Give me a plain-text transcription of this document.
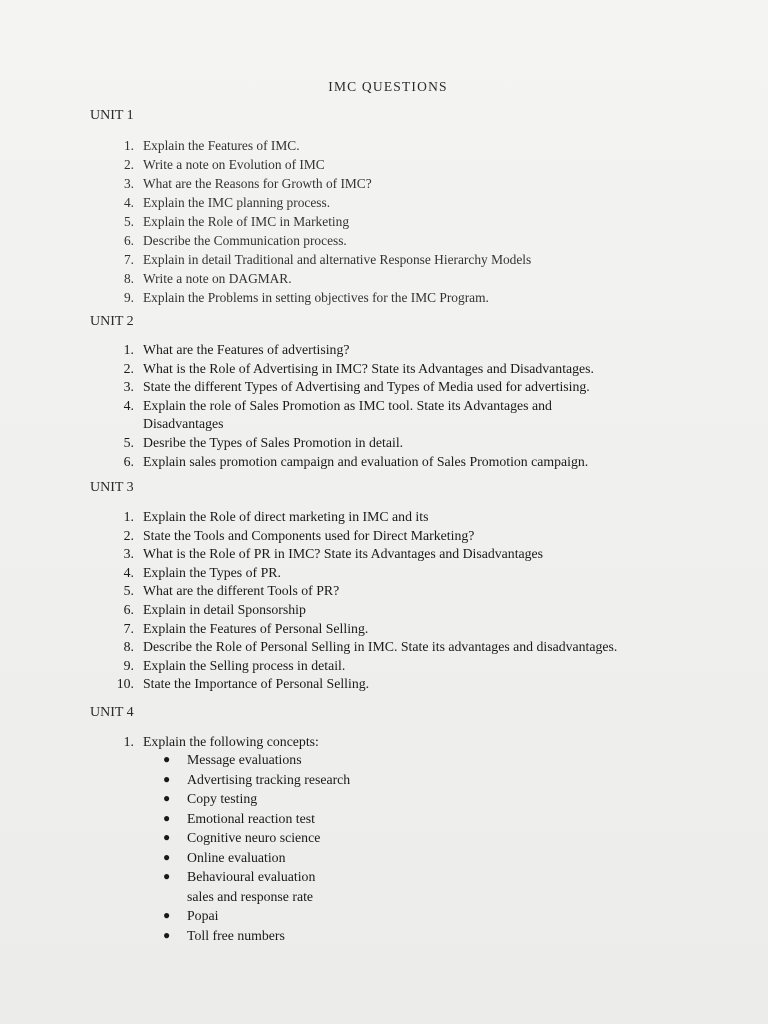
IMC QUESTIONS
UNIT 1
1. Explain the Features of IMC.
2. Write a note on Evolution of IMC
3. What are the Reasons for Growth of IMC?
4. Explain the IMC planning process.
5. Explain the Role of IMC in Marketing
6. Describe the Communication process.
7. Explain in detail Traditional and alternative Response Hierarchy Models
8. Write a note on DAGMAR.
9. Explain the Problems in setting objectives for the IMC Program.
UNIT 2
1. What are the Features of advertising?
2. What is the Role of Advertising in IMC? State its Advantages and Disadvantages.
3. State the different Types of Advertising and Types of Media used for advertising.
4. Explain the role of Sales Promotion as IMC tool. State its Advantages and
Disadvantages
5. Desribe the Types of Sales Promotion in detail.
6. Explain sales promotion campaign and evaluation of Sales Promotion campaign.
UNIT 3
1. Explain the Role of direct marketing in IMC and its
2. State the Tools and Components used for Direct Marketing?
3. What is the Role of PR in IMC? State its Advantages and Disadvantages
4. Explain the Types of PR.
5. What are the different Tools of PR?
6. Explain in detail Sponsorship
7. Explain the Features of Personal Selling.
8. Describe the Role of Personal Selling in IMC. State its advantages and disadvantages.
9. Explain the Selling process in detail.
10. State the Importance of Personal Selling.
UNIT 4
1. Explain the following concepts:
● Message evaluations
● Advertising tracking research
● Copy testing
● Emotional reaction test
● Cognitive neuro science
● Online evaluation
● Behavioural evaluation
sales and response rate
● Popai
● Toll free numbers
